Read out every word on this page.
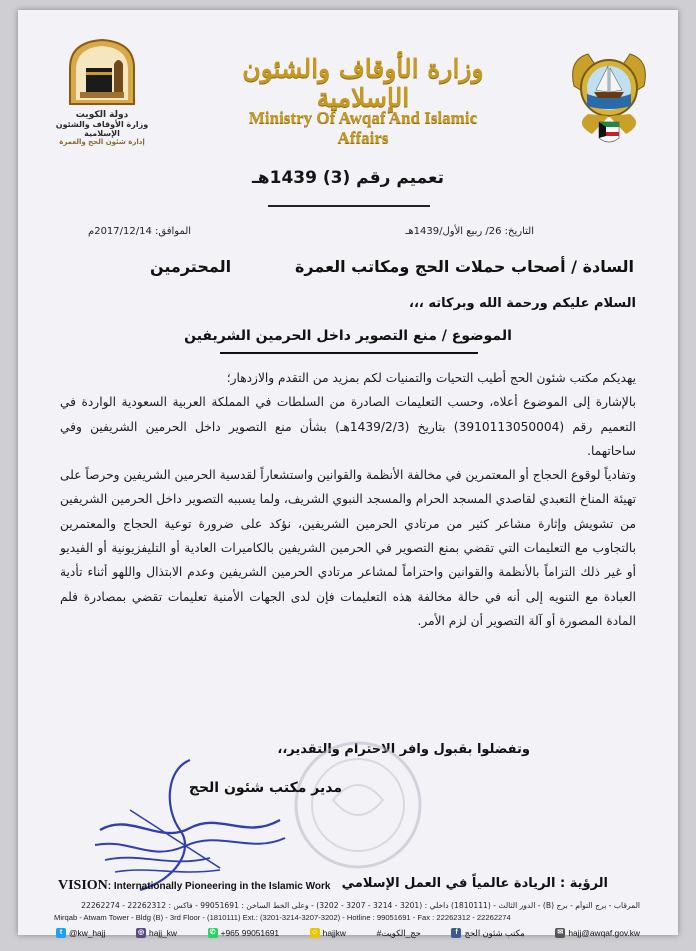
دولة الكويت
وزارة الأوقاف والشئون الإسلامية
إدارة شئون الحج والعمرة
وزارة الأوقاف والشئون الإسلامية
Ministry Of Awqaf And Islamic Affairs
تعميم رقم (3) 1439هـ
التاريخ: 26/ ربيع الأول/1439هـ
الموافق: 2017/12/14م
السادة / أصحاب حملات الحج ومكاتب العمرة
المحترمين
السلام عليكم ورحمة الله وبركاته ،،،
الموضوع / منع التصوير داخل الحرمين الشريفين

يهديكم مكتب شئون الحج أطيب التحيات والتمنيات لكم بمزيد من التقدم والازدهار؛

بالإشارة إلى الموضوع أعلاه، وحسب التعليمات الصادرة من السلطات في المملكة العربية السعودية الواردة في التعميم رقم (3910113050004) بتاريخ (1439/2/3هـ) بشأن منع التصوير داخل الحرمين الشريفين وفي ساحاتهما.

وتفادياً لوقوع الحجاج أو المعتمرين في مخالفة الأنظمة والقوانين واستشعاراً لقدسية الحرمين الشريفين وحرصاً على تهيئة المناخ التعبدي لقاصدي المسجد الحرام والمسجد النبوي الشريف، ولما يسببه التصوير داخل الحرمين الشريفين من تشويش وإثارة مشاعر كثير من مرتادي الحرمين الشريفين، نؤكد على ضرورة توعية الحجاج والمعتمرين بالتجاوب مع التعليمات التي تقضي بمنع التصوير في الحرمين الشريفين بالكاميرات العادية أو التليفزيونية أو الفيديو أو غير ذلك التزاماً بالأنظمة والقوانين واحتراماً لمشاعر مرتادي الحرمين الشريفين وعدم الابتذال واللهو أثناء تأدية العبادة مع التنويه إلى أنه في حالة مخالفة هذه التعليمات فإن لدى الجهات الأمنية تعليمات تقضي بمصادرة فلم المادة المصورة أو آلة التصوير أن لزم الأمر.

وتفضلوا بقبول وافر الاحترام والتقدير،،
مدير مكتب شئون الحج
VISION: Internationally Pioneering in the Islamic Work	الرؤية : الريادة عالمياً في العمل الإسلامي
المرقاب - برج التوأم - برج (B) - الدور الثالث - (1810111) داخلي : (3201 - 3214 - 3207 - 3202) - وعلى الخط الساخن : 99051691 - فاكس : 22262312 - 22262274
Mirqab - Atwam Tower - Bldg (B) - 3rd Floor - (1810111) Ext.: (3201-3214-3207-3202) - Hotline : 99051691 - Fax : 22262312 - 22262274
t @kw_hajj	◎ hajj_kw	✆ +965 99051691	☺ hajjkw	#حج_الكويت	f مكتب شئون الحج	✉ hajj@awqaf.gov.kw
